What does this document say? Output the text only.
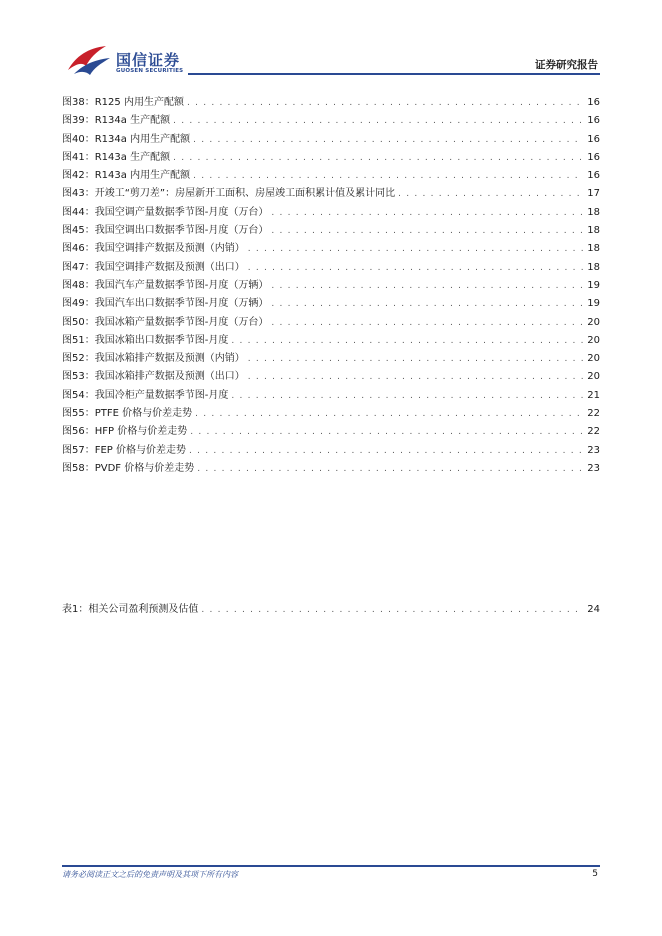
国信证券
GUOSEN SECURITIES	证券研究报告
图38： R125 内用生产配额 . . .	16
图39： R134a 生产配额 . . .	16
图40： R134a 内用生产配额 . . .	16
图41： R143a 生产配额 . . .	16
图42： R143a 内用生产配额 . . .	16
图43： 开竣工“剪刀差”：房屋新开工面积、房屋竣工面积累计值及累计同比 . . .	17
图44： 我国空调产量数据季节图-月度（万台） . . .	18
图45： 我国空调出口数据季节图-月度（万台） . . .	18
图46： 我国空调排产数据及预测（内销） . . .	18
图47： 我国空调排产数据及预测（出口） . . .	18
图48： 我国汽车产量数据季节图-月度（万辆） . . .	19
图49： 我国汽车出口数据季节图-月度（万辆） . . .	19
图50： 我国冰箱产量数据季节图-月度（万台） . . .	20
图51： 我国冰箱出口数据季节图-月度 . . .	20
图52： 我国冰箱排产数据及预测（内销） . . .	20
图53： 我国冰箱排产数据及预测（出口） . . .	20
图54： 我国冷柜产量数据季节图-月度 . . .	21
图55： PTFE 价格与价差走势 . . .	22
图56： HFP 价格与价差走势 . . .	22
图57： FEP 价格与价差走势 . . .	23
图58： PVDF 价格与价差走势 . . .	23
表1： 相关公司盈利预测及估值 . . .	24
请务必阅读正文之后的免责声明及其项下所有内容	5
